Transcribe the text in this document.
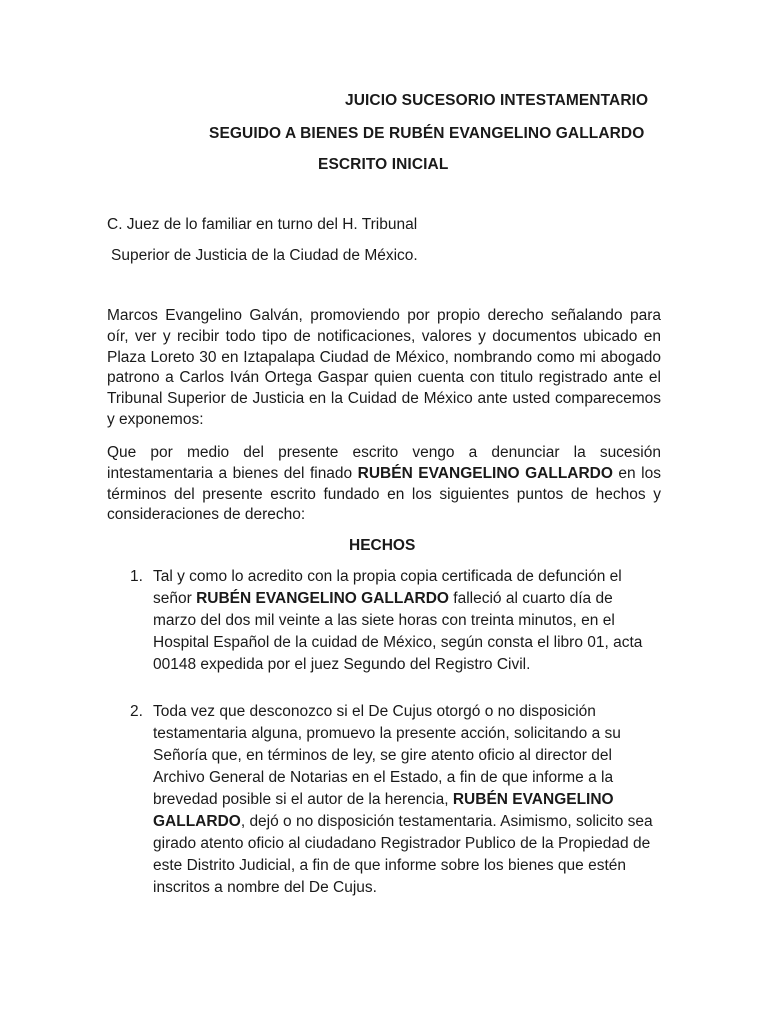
JUICIO SUCESORIO INTESTAMENTARIO
SEGUIDO A BIENES DE RUBÉN EVANGELINO GALLARDO
ESCRITO INICIAL
C. Juez de lo familiar en turno del H. Tribunal
Superior de Justicia de la Ciudad de México.
Marcos Evangelino Galván, promoviendo por propio derecho señalando para oír, ver y recibir todo tipo de notificaciones, valores y documentos ubicado en Plaza Loreto 30 en Iztapalapa Ciudad de México, nombrando como mi abogado patrono a Carlos Iván Ortega Gaspar quien cuenta con titulo registrado ante el Tribunal Superior de Justicia en la Cuidad de México ante usted comparecemos y exponemos:
Que por medio del presente escrito vengo a denunciar la sucesión intestamentaria a bienes del finado RUBÉN EVANGELINO GALLARDO en los términos del presente escrito fundado en los siguientes puntos de hechos y consideraciones de derecho:
HECHOS
1. Tal y como lo acredito con la propia copia certificada de defunción el señor RUBÉN EVANGELINO GALLARDO falleció al cuarto día de marzo del dos mil veinte a las siete horas con treinta minutos, en el Hospital Español de la cuidad de México, según consta el libro 01, acta 00148 expedida por el juez Segundo del Registro Civil.
2. Toda vez que desconozco si el De Cujus otorgó o no disposición testamentaria alguna, promuevo la presente acción, solicitando a su Señoría que, en términos de ley, se gire atento oficio al director del Archivo General de Notarias en el Estado, a fin de que informe a la brevedad posible si el autor de la herencia, RUBÉN EVANGELINO GALLARDO, dejó o no disposición testamentaria. Asimismo, solicito sea girado atento oficio al ciudadano Registrador Publico de la Propiedad de este Distrito Judicial, a fin de que informe sobre los bienes que estén inscritos a nombre del De Cujus.
